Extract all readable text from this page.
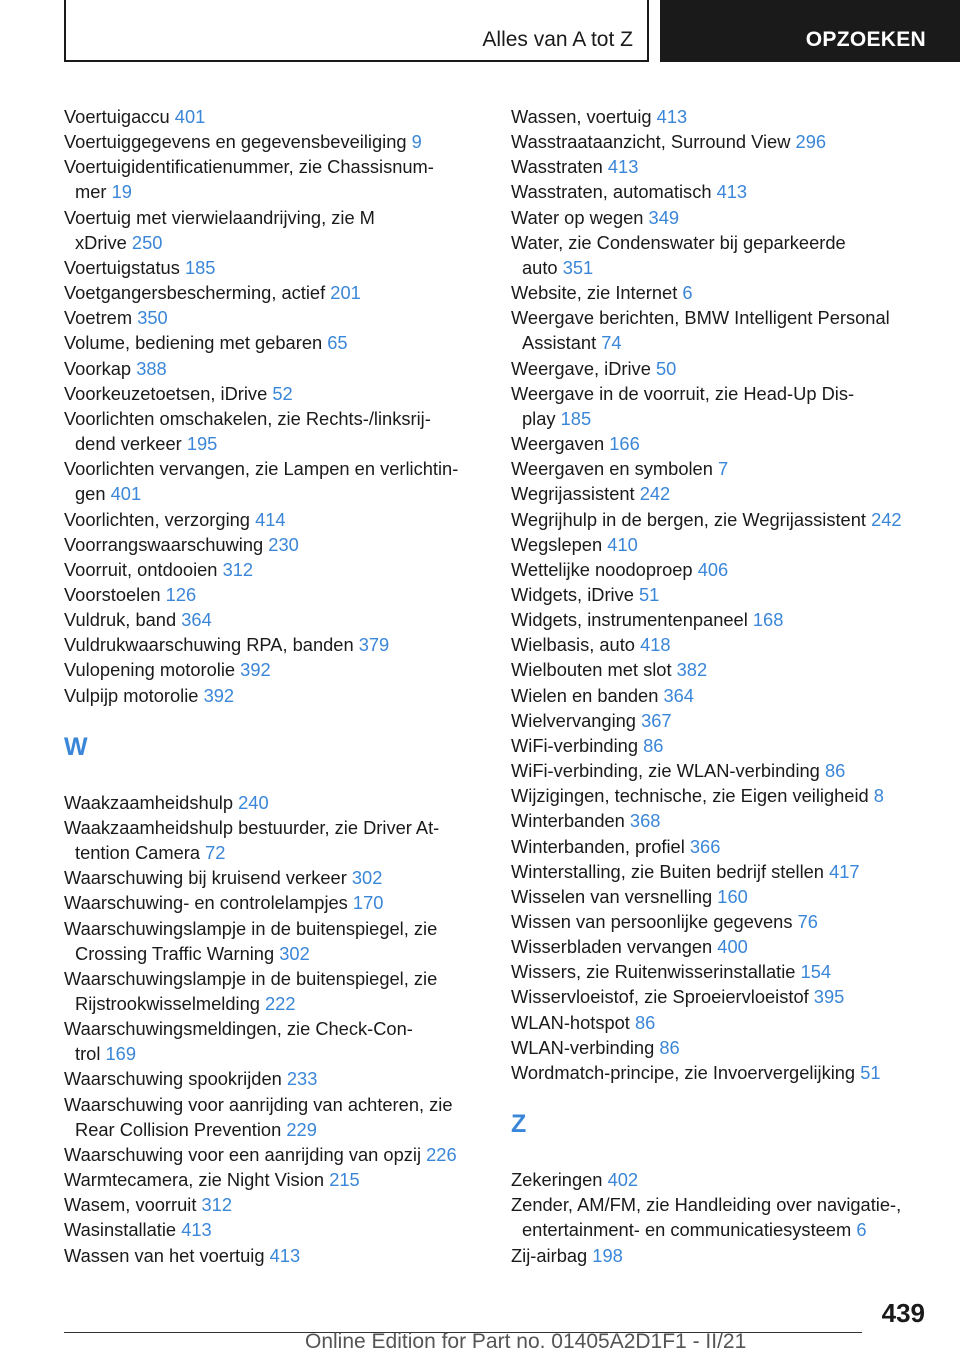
Alles van A tot Z	OPZOEKEN
Voertuigaccu 401
Voertuiggegevens en gegevensbeveiliging 9
Voertuigidentificatienummer, zie Chassisnum-
mer 19
Voertuig met vierwielaandrijving, zie M
xDrive 250
Voertuigstatus 185
Voetgangersbescherming, actief 201
Voetrem 350
Volume, bediening met gebaren 65
Voorkap 388
Voorkeuzetoetsen, iDrive 52
Voorlichten omschakelen, zie Rechts-/linksrij-
dend verkeer 195
Voorlichten vervangen, zie Lampen en verlichtin-
gen 401
Voorlichten, verzorging 414
Voorrangswaarschuwing 230
Voorruit, ontdooien 312
Voorstoelen 126
Vuldruk, band 364
Vuldrukwaarschuwing RPA, banden 379
Vulopening motorolie 392
Vulpijp motorolie 392
W
Waakzaamheidshulp 240
Waakzaamheidshulp bestuurder, zie Driver At-
tention Camera 72
Waarschuwing bij kruisend verkeer 302
Waarschuwing- en controlelampjes 170
Waarschuwingslampje in de buitenspiegel, zie
Crossing Traffic Warning 302
Waarschuwingslampje in de buitenspiegel, zie
Rijstrookwisselmelding 222
Waarschuwingsmeldingen, zie Check-Con-
trol 169
Waarschuwing spookrijden 233
Waarschuwing voor aanrijding van achteren, zie
Rear Collision Prevention 229
Waarschuwing voor een aanrijding van opzij 226
Warmtecamera, zie Night Vision 215
Wasem, voorruit 312
Wasinstallatie 413
Wassen van het voertuig 413
Wassen, voertuig 413
Wasstraataanzicht, Surround View 296
Wasstraten 413
Wasstraten, automatisch 413
Water op wegen 349
Water, zie Condenswater bij geparkeerde
auto 351
Website, zie Internet 6
Weergave berichten, BMW Intelligent Personal
Assistant 74
Weergave, iDrive 50
Weergave in de voorruit, zie Head-Up Dis-
play 185
Weergaven 166
Weergaven en symbolen 7
Wegrijassistent 242
Wegrijhulp in de bergen, zie Wegrijassistent 242
Wegslepen 410
Wettelijke noodoproep 406
Widgets, iDrive 51
Widgets, instrumentenpaneel 168
Wielbasis, auto 418
Wielbouten met slot 382
Wielen en banden 364
Wielvervanging 367
WiFi-verbinding 86
WiFi-verbinding, zie WLAN-verbinding 86
Wijzigingen, technische, zie Eigen veiligheid 8
Winterbanden 368
Winterbanden, profiel 366
Winterstalling, zie Buiten bedrijf stellen 417
Wisselen van versnelling 160
Wissen van persoonlijke gegevens 76
Wisserbladen vervangen 400
Wissers, zie Ruitenwisserinstallatie 154
Wisservloeistof, zie Sproeiervloeistof 395
WLAN-hotspot 86
WLAN-verbinding 86
Wordmatch-principe, zie Invoervergelijking 51
Z
Zekeringen 402
Zender, AM/FM, zie Handleiding over navigatie-,
entertainment- en communicatiesysteem 6
Zij-airbag 198
439
Online Edition for Part no. 01405A2D1F1 - II/21
